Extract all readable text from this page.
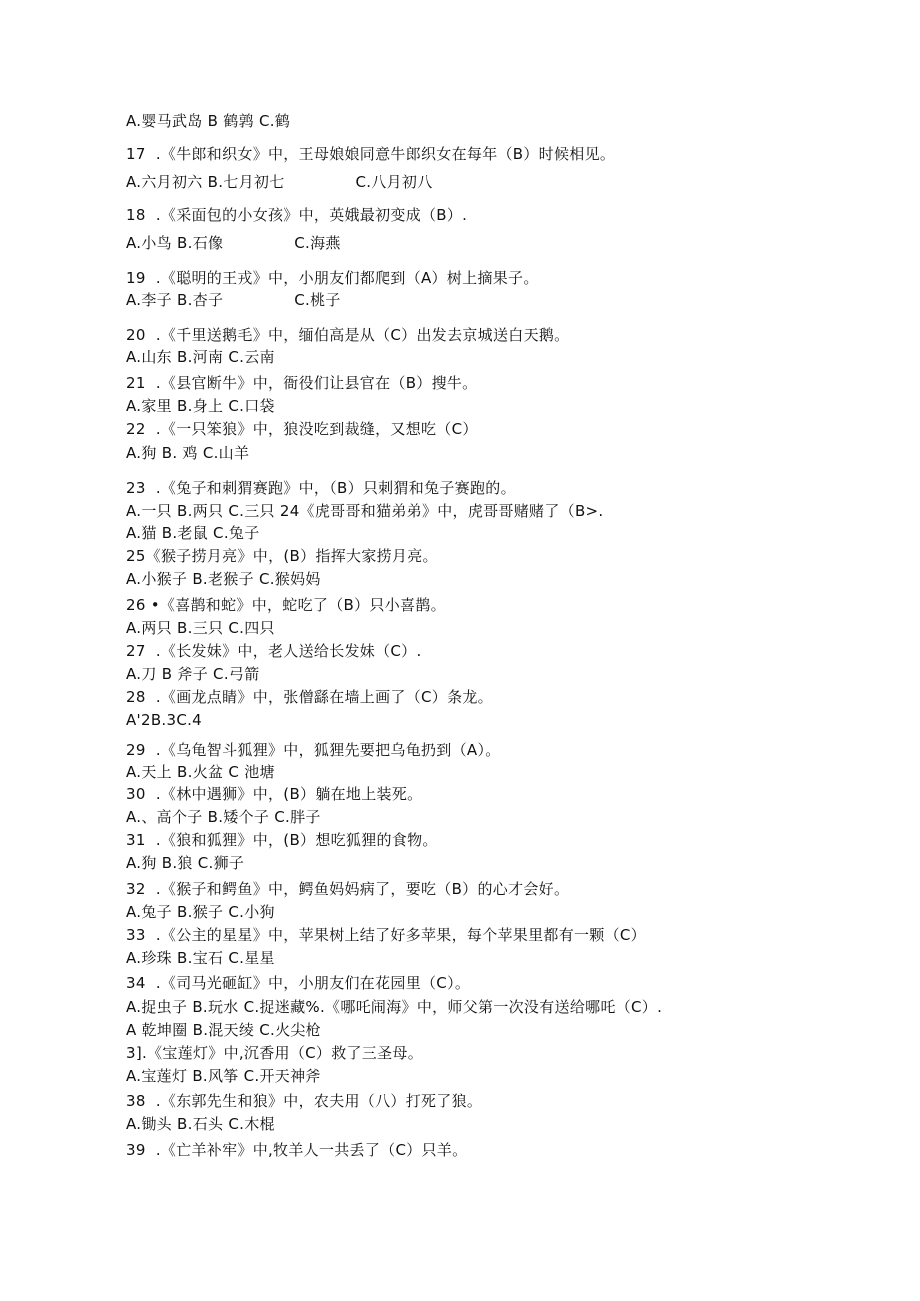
A.婴马武岛 B 鹤鹑 C.鹤
17  .《牛郎和织女》中，王母娘娘同意牛郎织女在每年（B）时候相见。
A.六月初六 B.七月初七              C.八月初八
18  .《采面包的小女孩》中，英娥最初变成（B）.
A.小鸟 B.石像              C.海燕
19  .《聪明的王戎》中，小朋友们都爬到（A）树上摘果子。
A.李子 B.杏子              C.桃子
20  .《千里送鹅毛》中，缅伯高是从（C）出发去京城送白天鹅。
A.山东 B.河南 C.云南
21  .《县官断牛》中，衙役们让县官在（B）搜牛。
A.家里 B.身上 C.口袋
22  .《一只笨狼》中，狼没吃到裁缝，又想吃（C）
A.狗 B. 鸡 C.山羊
23  .《兔子和刺猬赛跑》中，（B）只刺猬和兔子赛跑的。
A.一只 B.两只 C.三只 24《虎哥哥和猫弟弟》中，虎哥哥赌赌了（B>.
A.猫 B.老鼠 C.兔子
25《猴子捞月亮》中，(B）指挥大家捞月亮。
A.小猴子 B.老猴子 C.猴妈妈
26 •《喜鹊和蛇》中，蛇吃了（B）只小喜鹊。
A.两只 B.三只 C.四只
27  .《长发妹》中，老人送给长发妹（C）.
A.刀 B 斧子 C.弓箭
28  .《画龙点睛》中，张僧繇在墙上画了（C）条龙。
A'2B.3C.4
29  .《乌龟智斗狐狸》中，狐狸先要把乌龟扔到（A）。
A.天上 B.火盆 C 池塘
30  .《林中遇狮》中，(B）躺在地上装死。
A.、高个子 B.矮个子 C.胖子
31  .《狼和狐狸》中，(B）想吃狐狸的食物。
A.狗 B.狼 C.狮子
32  .《猴子和鳄鱼》中，鳄鱼妈妈病了，要吃（B）的心才会好。
A.兔子 B.猴子 C.小狗
33  .《公主的星星》中，苹果树上结了好多苹果，每个苹果里都有一颗（C）
A.珍珠 B.宝石 C.星星
34  .《司马光砸缸》中，小朋友们在花园里（C）。
A.捉虫子 B.玩水 C.捉迷藏%.《哪吒闹海》中，师父第一次没有送给哪吒（C）.
A 乾坤圈 B.混天绫 C.火尖枪
3].《宝莲灯》中,沉香用（C）救了三圣母。
A.宝莲灯 B.风筝 C.开天神斧
38  .《东郭先生和狼》中，农夫用（八）打死了狼。
A.锄头 B.石头 C.木棍
39  .《亡羊补牢》中,牧羊人一共丢了（C）只羊。
